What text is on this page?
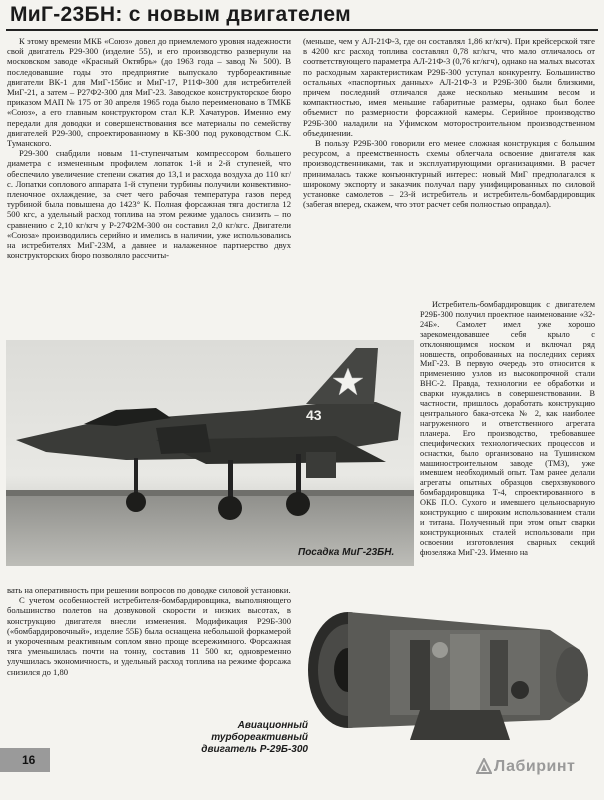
МиГ-23БН: с новым двигателем

К этому времени МКБ «Союз» довел до приемлемого уровня надежности свой двигатель Р29-300 (изделие 55), и его производство развернули на московском заводе «Красный Октябрь» (до 1963 года – завод № 500). В последовавшие годы это предприятие выпускало турбореактивные двигатели ВК-1 для МиГ-15бис и МиГ-17, Р11Ф-300 для истребителей МиГ-21, а затем – Р27Ф2-300 для МиГ-23. Заводское конструкторское бюро приказом МАП № 175 от 30 апреля 1965 года было переименовано в ТМКБ «Союз», а его главным конструктором стал К.Р. Хачатуров. Именно ему передали для доводки и совершенствования все материалы по семейству двигателей Р29-300, спроектированному в КБ-300 под руководством С.К. Туманского.

Р29-300 снабдили новым 11-ступенчатым компрессором большего диаметра с измененным профилем лопаток 1-й и 2-й ступеней, что обеспечило увеличение степени сжатия до 13,1 и расхода воздуха до 110 кг/с. Лопатки соплового аппарата 1-й ступени турбины получили конвективно-пленочное охлаждение, за счет чего рабочая температура газов перед турбиной была повышена до 1423° К. Полная форсажная тяга достигла 12 500 кгс, а удельный расход топлива на этом режиме удалось снизить – по сравнению с 2,10 кг/кгч у Р-27Ф2М-300 он составил 2,0 кг/кгс. Двигатели «Союза» производились серийно и имелись в наличии, уже использовались на истребителях МиГ-23М, а давнее и налаженное партнерство двух конструкторских бюро позволяло рассчиты-

(меньше, чем у АЛ-21Ф-3, где он составлял 1,86 кг/кгч). При крейсерской тяге в 4200 кгс расход топлива составлял 0,78 кг/кгч, что мало отличалось от соответствующего параметра АЛ-21Ф-3 (0,76 кг/кгч), однако на малых высотах по расходным характеристикам Р29Б-300 уступал конкуренту. Большинство остальных «паспортных данных» АЛ-21Ф-3 и Р29Б-300 были близкими, причем последний отличался даже несколько меньшим весом и компактностью, имея меньшие габаритные размеры, однако был более объемист по размерности форсажной камеры. Серийное производство Р29Б-300 наладили на Уфимском моторостроительном производственном объединении.

В пользу Р29Б-300 говорили его менее сложная конструкция с большим ресурсом, а преемственность схемы облегчала освоение двигателя как производственниками, так и эксплуатирующими организациями. В расчет принималась также конъюнктурный интерес: новый МиГ предполагался к широкому экспорту и заказчик получал пару унифицированных по силовой установке самолетов – 23-й истребитель и истребитель-бомбардировщик (забегая вперед, скажем, что этот расчет себя полностью оправдал).

Истребитель-бомбардировщик с двигателем Р29Б-300 получил проектное наименование «32-24Б». Самолет имел уже хорошо зарекомендовавшее себя крыло с отклоняющимся носком и включал ряд новшеств, опробованных на последних сериях МиГ-23. В первую очередь это относится к применению узлов из высокопрочной стали ВНС-2. Правда, технологии ее обработки и сварки нуждались в совершенствовании. В частности, пришлось доработать конструкцию центрального бака-отсека № 2, как наиболее нагруженного и ответственного агрегата планера. Его производство, требовавшее специфических технологических процессов и оснастки, было организовано на Тушинском машиностроительном заводе (ТМЗ), уже имевшем необходимый опыт. Там ранее делали агрегаты опытных образцов сверхзвукового бомбардировщика Т-4, спроектированного в ОКБ П.О. Сухого и имевшего цельносварную конструкцию с широким использованием стали и титана. Полученный при этом опыт сварки конструкционных сталей использовали при освоении изготовления сварных секций фюзеляжа МиГ-23. Именно на

43
Посадка МиГ-23БН.

вать на оперативность при решении вопросов по доводке силовой установки.

С учетом особенностей истребителя-бомбардировщика, выполняющего большинство полетов на дозвуковой скорости и низких высотах, в конструкцию двигателя внесли изменения. Модификация Р29Б-300 («бомбардировочный», изделие 55Б) была оснащена небольшой форкамерой и укороченным реактивным соплом явно проще всережимного. Форсажная тяга уменьшилась почти на тонну, составив 11 500 кг, одновременно улучшилась экономичность, и удельный расход топлива на режиме форсажа снизился до 1,80

Авиационный турбореактивный
двигатель Р-29Б-300
16	Лабиринт
